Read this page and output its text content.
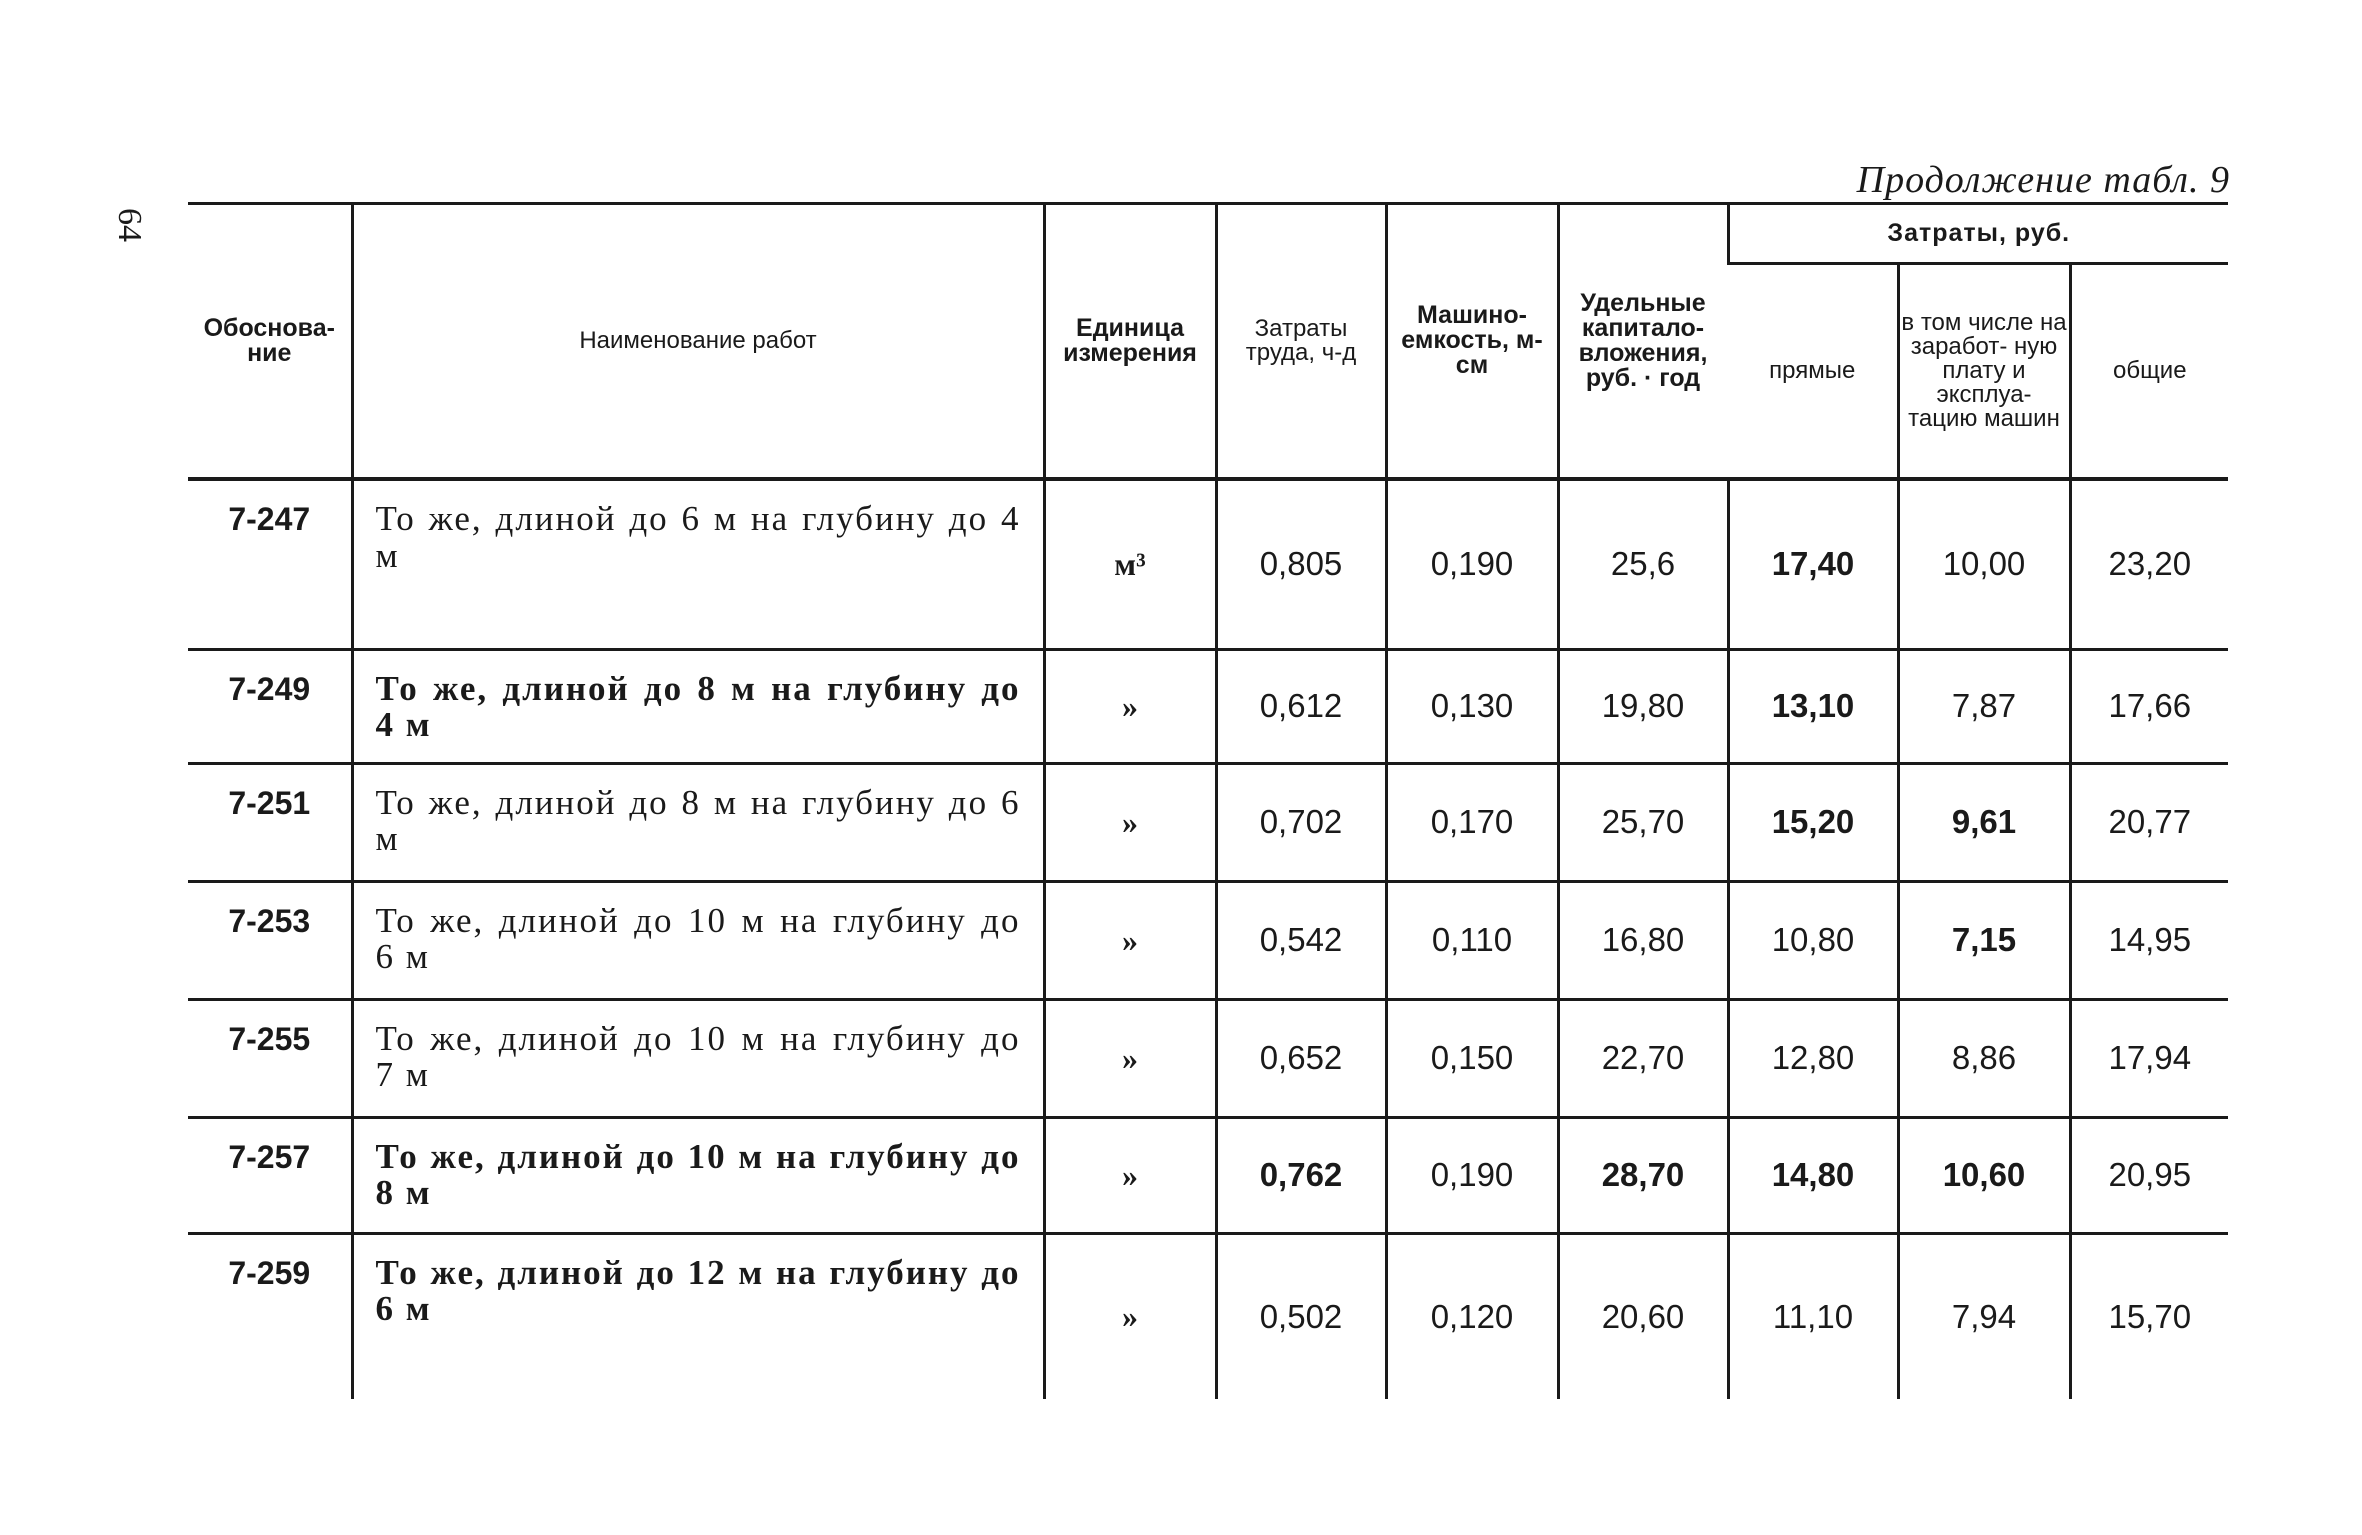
64
Продолжение табл. 9
Обоснова- ние	Наименование работ	Единица измерения	Затраты труда, ч-д	Машино- емкость, м-см	Удельные капитало- вложения, руб. · год	Затраты, руб.		
						прямые	в том числе на заработ- ную плату и эксплуа- тацию машин	общие
7-247	То же, длиной до 6 м на глубину до 4 м	м³	0,805	0,190	25,6	17,40	10,00	23,20
7-249	То же, длиной до 8 м на глубину до 4 м	»	0,612	0,130	19,80	13,10	7,87	17,66
7-251	То же, длиной до 8 м на глубину до 6 м	»	0,702	0,170	25,70	15,20	9,61	20,77
7-253	То же, длиной до 10 м на глубину до 6 м	»	0,542	0,110	16,80	10,80	7,15	14,95
7-255	То же, длиной до 10 м на глубину до 7 м	»	0,652	0,150	22,70	12,80	8,86	17,94
7-257	То же, длиной до 10 м на глубину до 8 м	»	0,762	0,190	28,70	14,80	10,60	20,95
7-259	То же, длиной до 12 м на глубину до 6 м	»	0,502	0,120	20,60	11,10	7,94	15,70
